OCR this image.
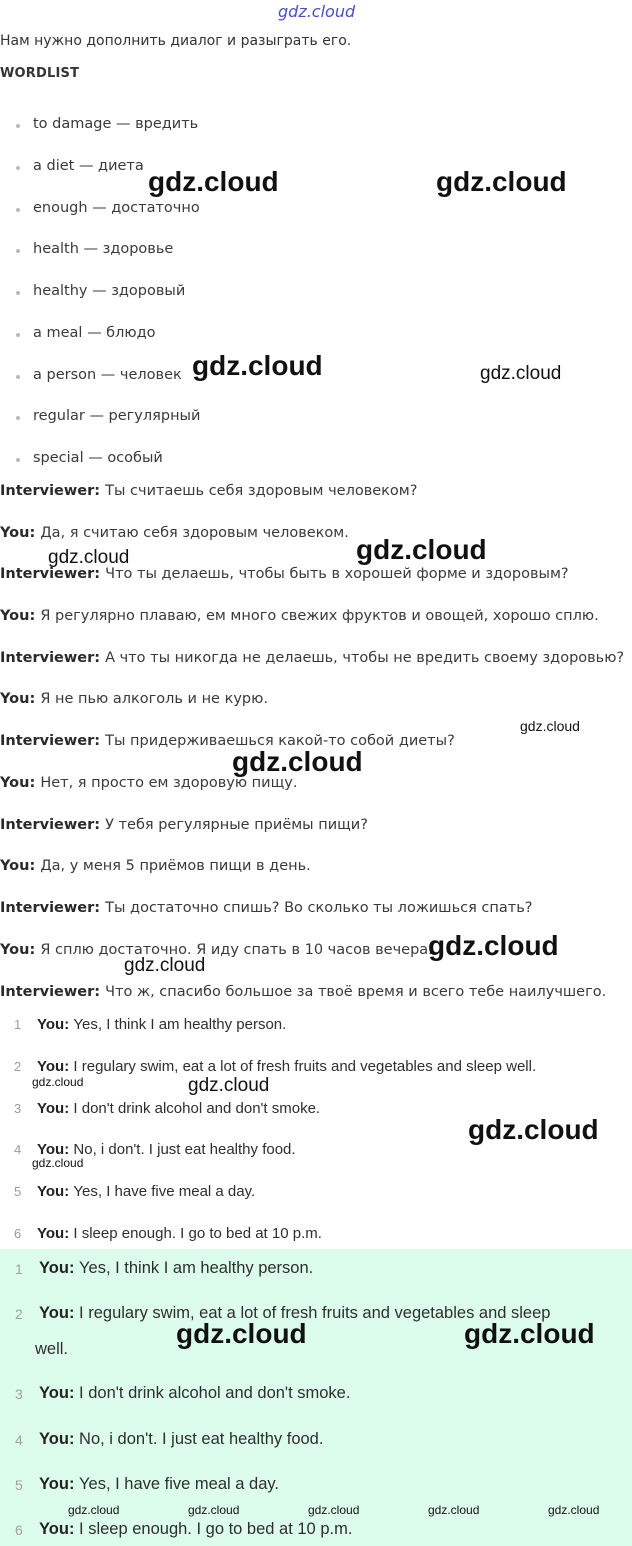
gdz.cloud
Нам нужно дополнить диалог и разыграть его.
WORDLIST
to damage — вредить
a diet — диета
enough — достаточно
health — здоровье
healthy — здоровый
a meal — блюдо
a person — человек
regular — регулярный
special — особый
Interviewer: Ты считаешь себя здоровым человеком?
You: Да, я считаю себя здоровым человеком.
Interviewer: Что ты делаешь, чтобы быть в хорошей форме и здоровым?
You: Я регулярно плаваю, ем много свежих фруктов и овощей, хорошо сплю.
Interviewer: А что ты никогда не делаешь, чтобы не вредить своему здоровью?
You: Я не пью алкоголь и не курю.
Interviewer: Ты придерживаешься какой-то собой диеты?
You: Нет, я просто ем здоровую пищу.
Interviewer: У тебя регулярные приёмы пищи?
You: Да, у меня 5 приёмов пищи в день.
Interviewer: Ты достаточно спишь? Во сколько ты ложишься спать?
You: Я сплю достаточно. Я иду спать в 10 часов вечера.
Interviewer: Что ж, спасибо большое за твоё время и всего тебе наилучшего.
1 You: Yes, I think I am healthy person.
2 You: I regulary swim, eat a lot of fresh fruits and vegetables and sleep well.
3 You: I don't drink alcohol and don't smoke.
4 You: No, i don't. I just eat healthy food.
5 You: Yes, I have five meal a day.
6 You: I sleep enough. I go to bed at 10 p.m.
1 You: Yes, I think I am healthy person.
2 You: I regulary swim, eat a lot of fresh fruits and vegetables and sleep
well.
3 You: I don't drink alcohol and don't smoke.
4 You: No, i don't. I just eat healthy food.
5 You: Yes, I have five meal a day.
6 You: I sleep enough. I go to bed at 10 p.m.
gdz.cloud	gdz.cloud
gdz.cloud	gdz.cloud
gdz.cloud	gdz.cloud
gdz.cloud
gdz.cloud
gdz.cloud
gdz.cloud
gdz.cloud	gdz.cloud
gdz.cloud
gdz.cloud
gdz.cloud	gdz.cloud
gdz.cloud	gdz.cloud	gdz.cloud	gdz.cloud	gdz.cloud
